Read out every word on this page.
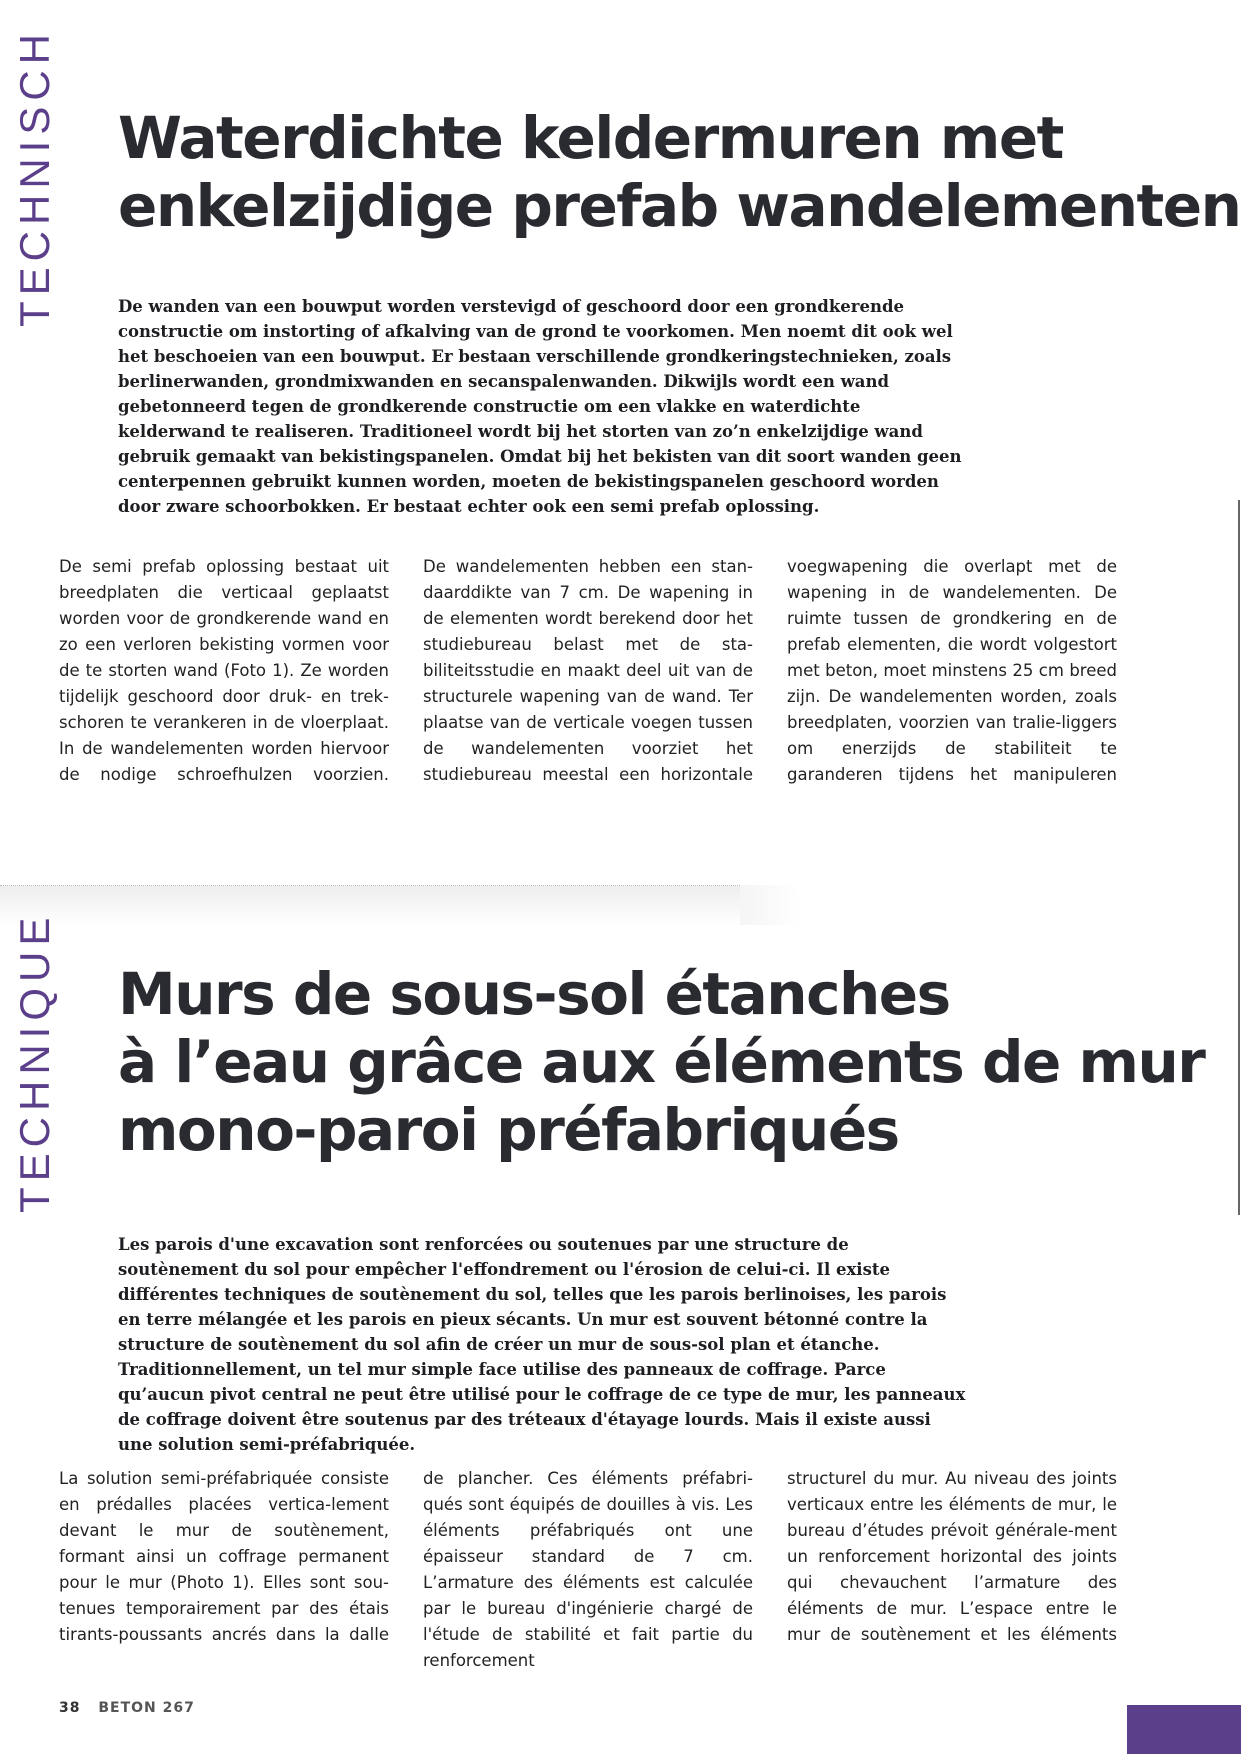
TECHNISCH Waterdichte keldermuren met
enkelzijdige prefab wandelementen

De wanden van een bouwput worden verstevigd of geschoord door een grondkerende constructie om instorting of afkalving van de grond te voorkomen. Men noemt dit ook wel het beschoeien van een bouwput. Er bestaan verschillende grondkeringstechnieken, zoals berlinerwanden, grondmixwanden en secanspalenwanden. Dikwijls wordt een wand gebetonneerd tegen de grondkerende constructie om een vlakke en waterdichte kelderwand te realiseren. Traditioneel wordt bij het storten van zo’n enkelzijdige wand gebruik gemaakt van bekistingspanelen. Omdat bij het bekisten van dit soort wanden geen centerpennen gebruikt kunnen worden, moeten de bekistingspanelen geschoord worden door zware schoorbokken. Er bestaat echter ook een semi prefab oplossing.

De semi prefab oplossing bestaat uit breedplaten die verticaal geplaatst worden voor de grondkerende wand en zo een verloren bekisting vormen voor de te storten wand (Foto 1). Ze worden tijdelijk geschoord door druk- en trek-schoren te verankeren in de vloerplaat. In de wandelementen worden hiervoor de nodige schroefhulzen voorzien.

De wandelementen hebben een stan-daarddikte van 7 cm. De wapening in de elementen wordt berekend door het studiebureau belast met de sta-biliteitsstudie en maakt deel uit van de structurele wapening van de wand. Ter plaatse van de verticale voegen tussen de wandelementen voorziet het studiebureau meestal een horizontale

voegwapening die overlapt met de wapening in de wandelementen. De ruimte tussen de grondkering en de prefab elementen, die wordt volgestort met beton, moet minstens 25 cm breed zijn. De wandelementen worden, zoals breedplaten, voorzien van tralie-liggers om enerzijds de stabiliteit te garanderen tijdens het manipuleren

TECHNIQUE Murs de sous-sol étanches
à l’eau grâce aux éléments de mur
mono-paroi préfabriqués

Les parois d'une excavation sont renforcées ou soutenues par une structure de soutènement du sol pour empêcher l'effondrement ou l'érosion de celui-ci. Il existe différentes techniques de soutènement du sol, telles que les parois berlinoises, les parois en terre mélangée et les parois en pieux sécants. Un mur est souvent bétonné contre la structure de soutènement du sol afin de créer un mur de sous-sol plan et étanche. Traditionnellement, un tel mur simple face utilise des panneaux de coffrage. Parce qu’aucun pivot central ne peut être utilisé pour le coffrage de ce type de mur, les panneaux de coffrage doivent être soutenus par des tréteaux d'étayage lourds. Mais il existe aussi une solution semi-préfabriquée.

La solution semi-préfabriquée consiste en prédalles placées vertica-lement devant le mur de soutènement, formant ainsi un coffrage permanent pour le mur (Photo 1). Elles sont sou-tenues temporairement par des étais tirants-poussants ancrés dans la dalle

de plancher. Ces éléments préfabri-qués sont équipés de douilles à vis. Les éléments préfabriqués ont une épaisseur standard de 7 cm. L’armature des éléments est calculée par le bureau d'ingénierie chargé de l'étude de stabilité et fait partie du renforcement

structurel du mur. Au niveau des joints verticaux entre les éléments de mur, le bureau d’études prévoit générale-ment un renforcement horizontal des joints qui chevauchent l’armature des éléments de mur. L’espace entre le mur de soutènement et les éléments

38 BETON 267
